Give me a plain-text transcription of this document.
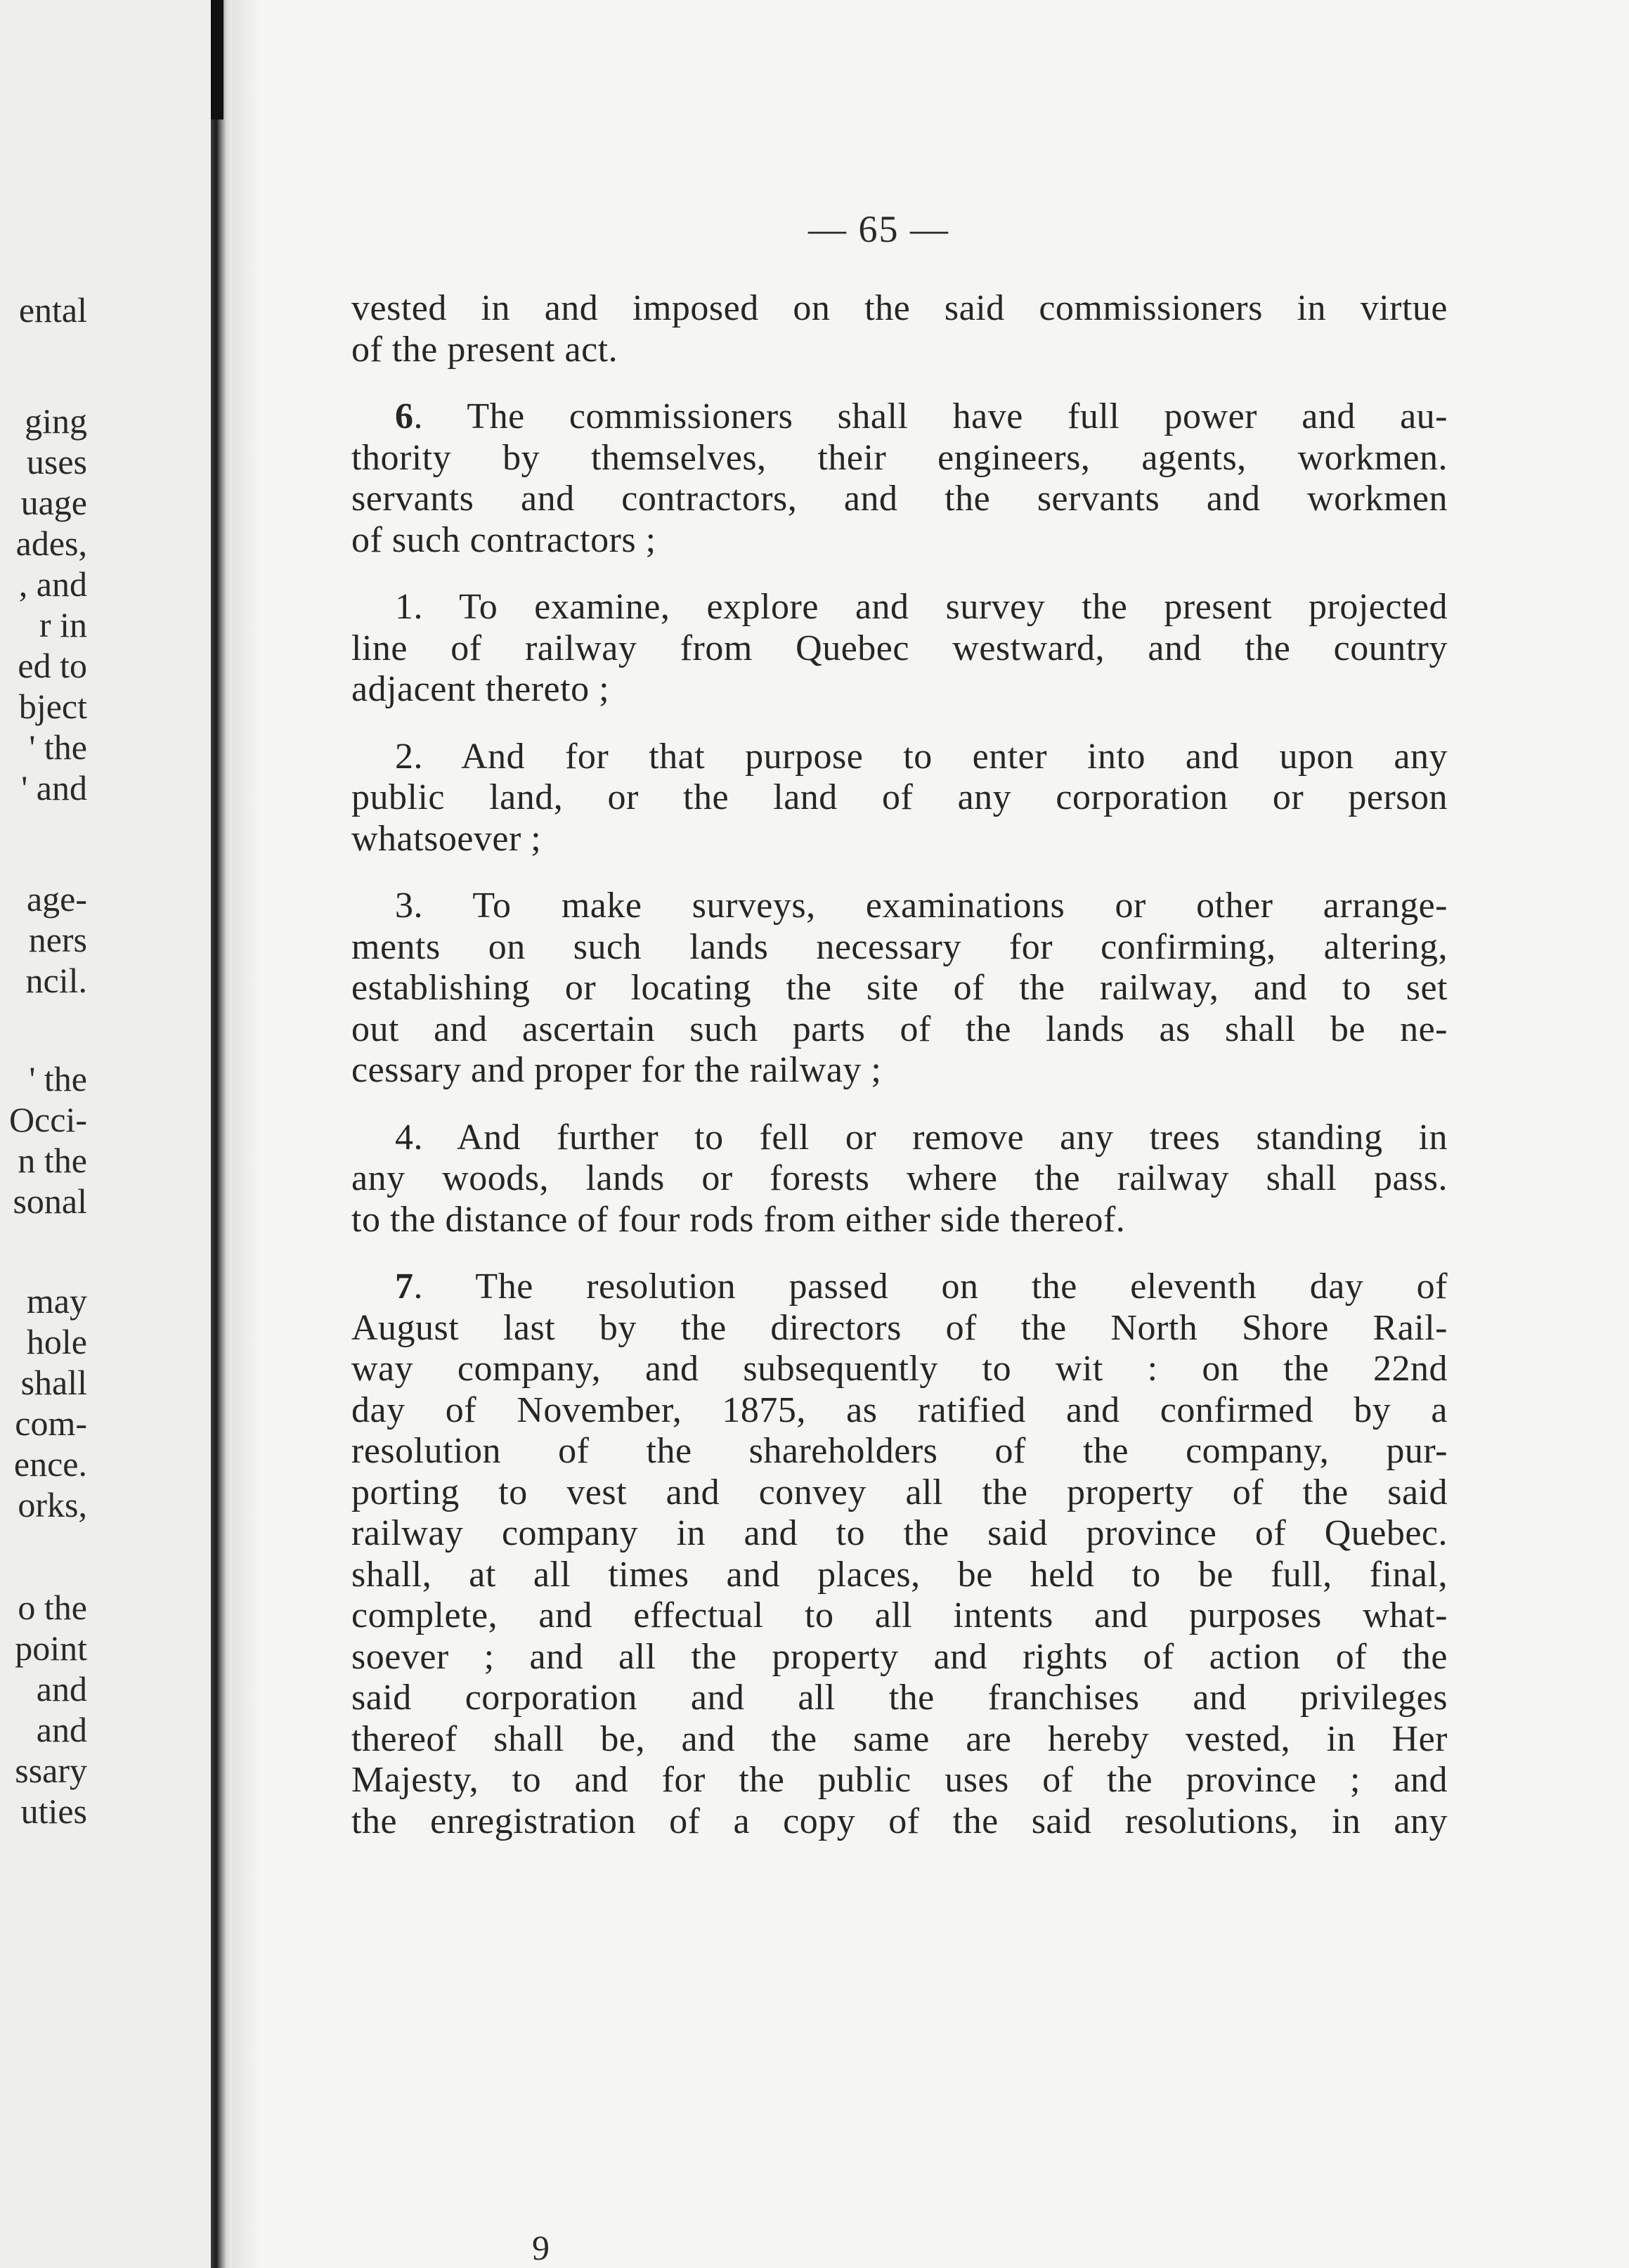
ental
ging
uses
uage
ades,
, and
r in
ed to
bject
' the
' and
age-
ners
ncil.
' the
Occi-
n the
sonal
may
hole
shall
com-
ence.
orks,
o the
point
and
and
ssary
uties
— 65 —
vested in and imposed on the said commissioners in virtue
of the present act.
6. The commissioners shall have full power and au-
thority by themselves, their engineers, agents, workmen.
servants and contractors, and the servants and workmen
of such contractors ;
1. To examine, explore and survey the present projected
line of railway from Quebec westward, and the country
adjacent thereto ;
2. And for that purpose to enter into and upon any
public land, or the land of any corporation or person
whatsoever ;
3. To make surveys, examinations or other arrange-
ments on such lands necessary for confirming, altering,
establishing or locating the site of the railway, and to set
out and ascertain such parts of the lands as shall be ne-
cessary and proper for the railway ;
4. And further to fell or remove any trees standing in
any woods, lands or forests where the railway shall pass.
to the distance of four rods from either side thereof.
7. The resolution passed on the eleventh day of
August last by the directors of the North Shore Rail-
way company, and subsequently to wit : on the 22nd
day of November, 1875, as ratified and confirmed by a
resolution of the shareholders of the company, pur-
porting to vest and convey all the property of the said
railway company in and to the said province of Quebec.
shall, at all times and places, be held to be full, final,
complete, and effectual to all intents and purposes what-
soever ; and all the property and rights of action of the
said corporation and all the franchises and privileges
thereof shall be, and the same are hereby vested, in Her
Majesty, to and for the public uses of the province ; and
the enregistration of a copy of the said resolutions, in any
9
